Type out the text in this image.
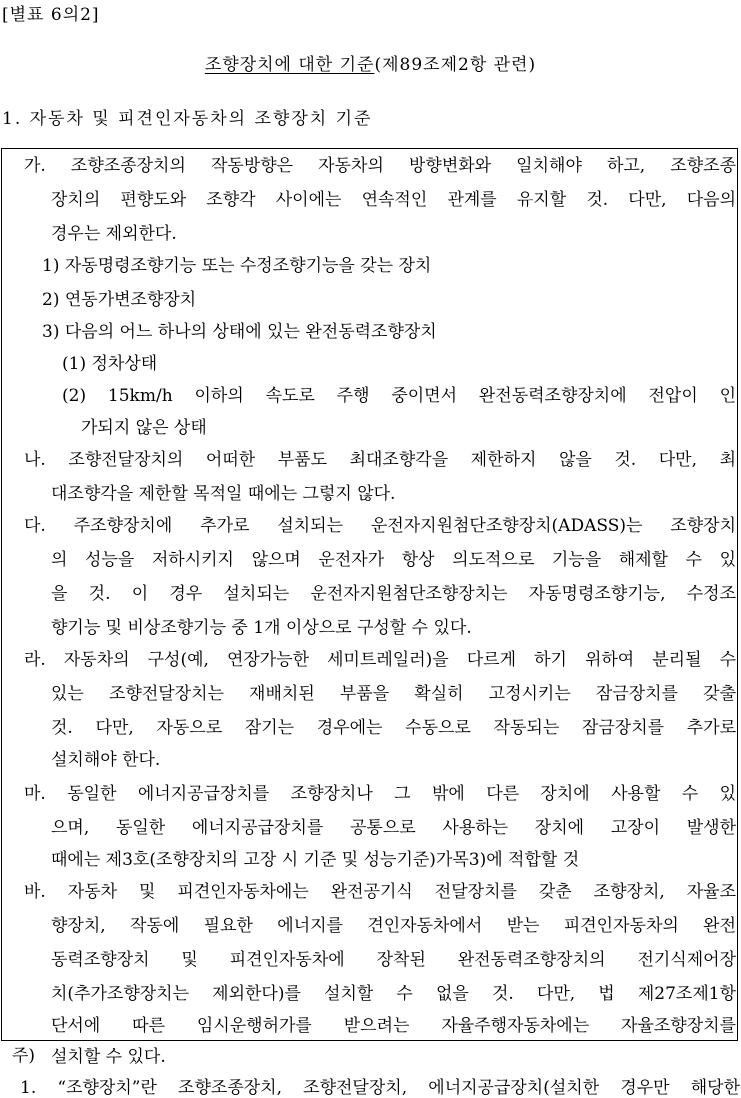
[별표 6의2]
조향장치에 대한 기준(제89조제2항 관련)
1. 자동차 및 피견인자동차의 조향장치 기준
가. 조향조종장치의 작동방향은 자동차의 방향변화와 일치해야 하고, 조향조종
장치의 편향도와 조향각 사이에는 연속적인 관계를 유지할 것. 다만, 다음의
경우는 제외한다.
1) 자동명령조향기능 또는 수정조향기능을 갖는 장치
2) 연동가변조향장치
3) 다음의 어느 하나의 상태에 있는 완전동력조향장치
(1) 정차상태
(2) 15km/h 이하의 속도로 주행 중이면서 완전동력조향장치에 전압이 인
가되지 않은 상태
나. 조향전달장치의 어떠한 부품도 최대조향각을 제한하지 않을 것. 다만, 최
대조향각을 제한할 목적일 때에는 그렇지 않다.
다. 주조향장치에 추가로 설치되는 운전자지원첨단조향장치(ADASS)는 조향장치
의 성능을 저하시키지 않으며 운전자가 항상 의도적으로 기능을 해제할 수 있
을 것. 이 경우 설치되는 운전자지원첨단조향장치는 자동명령조향기능, 수정조
향기능 및 비상조향기능 중 1개 이상으로 구성할 수 있다.
라. 자동차의 구성(예, 연장가능한 세미트레일러)을 다르게 하기 위하여 분리될 수
있는 조향전달장치는 재배치된 부품을 확실히 고정시키는 잠금장치를 갖출
것. 다만, 자동으로 잠기는 경우에는 수동으로 작동되는 잠금장치를 추가로
설치해야 한다.
마. 동일한 에너지공급장치를 조향장치나 그 밖에 다른 장치에 사용할 수 있
으며, 동일한 에너지공급장치를 공통으로 사용하는 장치에 고장이 발생한
때에는 제3호(조향장치의 고장 시 기준 및 성능기준)가목3)에 적합할 것
바. 자동차 및 피견인자동차에는 완전공기식 전달장치를 갖춘 조향장치, 자율조
향장치, 작동에 필요한 에너지를 견인자동차에서 받는 피견인자동차의 완전
동력조향장치 및 피견인자동차에 장착된 완전동력조향장치의 전기식제어장
치(추가조향장치는 제외한다)를 설치할 수 없을 것. 다만, 법 제27조제1항
단서에 따른 임시운행허가를 받으려는 자율주행자동차에는 자율조향장치를
설치할 수 있다.
주)
1. “조향장치”란 조향조종장치, 조향전달장치, 에너지공급장치(설치한 경우만 해당한
